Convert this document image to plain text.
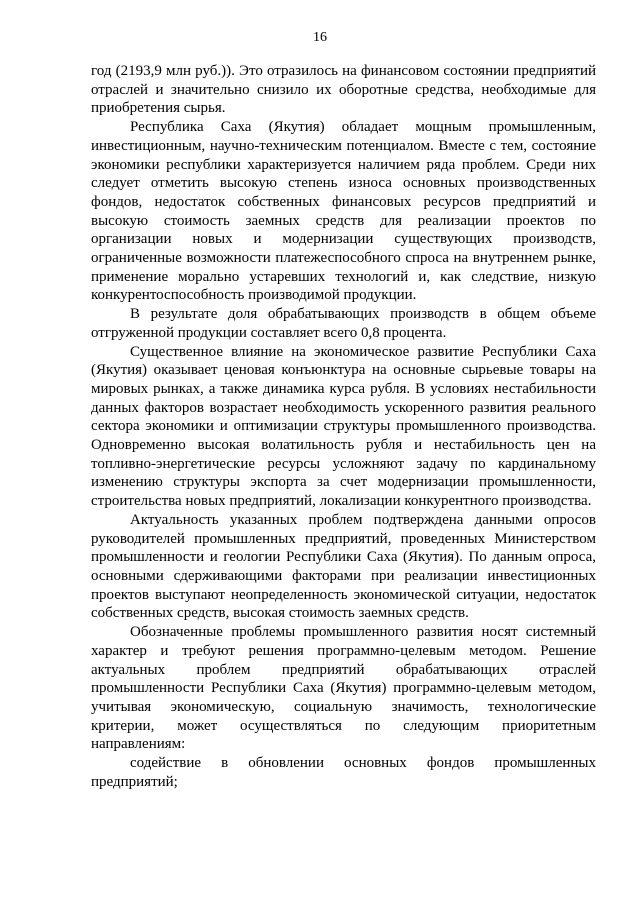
16

год (2193,9 млн руб.)). Это отразилось на финансовом состоянии предприятий отраслей и значительно снизило их оборотные средства, необходимые для приобретения сырья.

Республика Саха (Якутия) обладает мощным промышленным, инвестиционным, научно-техническим потенциалом. Вместе с тем, состояние экономики республики характеризуется наличием ряда проблем. Среди них следует отметить высокую степень износа основных производственных фондов, недостаток собственных финансовых ресурсов предприятий и высокую стоимость заемных средств для реализации проектов по организации новых и модернизации существующих производств, ограниченные возможности платежеспособного спроса на внутреннем рынке, применение морально устаревших технологий и, как следствие, низкую конкурентоспособность производимой продукции.

В результате доля обрабатывающих производств в общем объеме отгруженной продукции составляет всего 0,8 процента.

Существенное влияние на экономическое развитие Республики Саха (Якутия) оказывает ценовая конъюнктура на основные сырьевые товары на мировых рынках, а также динамика курса рубля. В условиях нестабильности данных факторов возрастает необходимость ускоренного развития реального сектора экономики и оптимизации структуры промышленного производства. Одновременно высокая волатильность рубля и нестабильность цен на топливно-энергетические ресурсы усложняют задачу по кардинальному изменению структуры экспорта за счет модернизации промышленности, строительства новых предприятий, локализации конкурентного производства.

Актуальность указанных проблем подтверждена данными опросов руководителей промышленных предприятий, проведенных Министерством промышленности и геологии Республики Саха (Якутия). По данным опроса, основными сдерживающими факторами при реализации инвестиционных проектов выступают неопределенность экономической ситуации, недостаток собственных средств, высокая стоимость заемных средств.

Обозначенные проблемы промышленного развития носят системный характер и требуют решения программно-целевым методом. Решение актуальных проблем предприятий обрабатывающих отраслей промышленности Республики Саха (Якутия) программно-целевым методом, учитывая экономическую, социальную значимость, технологические критерии, может осуществляться по следующим приоритетным направлениям:

содействие в обновлении основных фондов промышленных предприятий;
